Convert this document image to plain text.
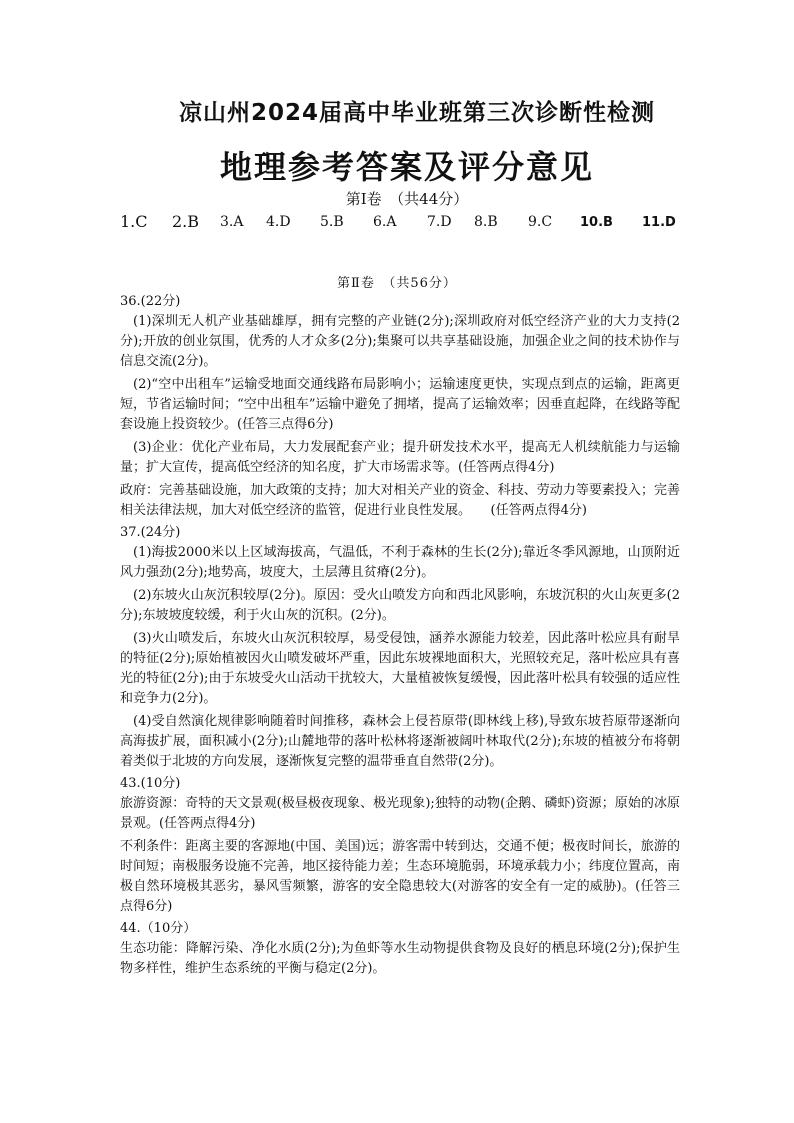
凉山州2024届高中毕业班第三次诊断性检测
地理参考答案及评分意见
第Ⅰ卷　（共44分）
1.C 2.B 3.A 4.D 5.B 6.A 7.D 8.B 9.C 10.B 11.D
第Ⅱ卷　（共56分）

36.(22分)

(1)深圳无人机产业基础雄厚，拥有完整的产业链(2分);深圳政府对低空经济产业的大力支持(2分);开放的创业氛围，优秀的人才众多(2分);集聚可以共享基础设施，加强企业之间的技术协作与信息交流(2分)。

(2)“空中出租车”运输受地面交通线路布局影响小；运输速度更快，实现点到点的运输，距离更短，节省运输时间；“空中出租车”运输中避免了拥堵，提高了运输效率；因垂直起降，在线路等配套设施上投资较少。(任答三点得6分)

(3)企业：优化产业布局，大力发展配套产业；提升研发技术水平，提高无人机续航能力与运输量；扩大宣传，提高低空经济的知名度，扩大市场需求等。(任答两点得4分)

政府：完善基础设施，加大政策的支持；加大对相关产业的资金、科技、劳动力等要素投入；完善相关法律法规，加大对低空经济的监管，促进行业良性发展。　　(任答两点得4分)

37.(24分)

(1)海拔2000米以上区域海拔高，气温低，不利于森林的生长(2分);靠近冬季风源地，山顶附近风力强劲(2分);地势高，坡度大，土层薄且贫瘠(2分)。

(2)东坡火山灰沉积较厚(2分)。原因：受火山喷发方向和西北风影响，东坡沉积的火山灰更多(2分);东坡坡度较缓，利于火山灰的沉积。(2分)。

(3)火山喷发后，东坡火山灰沉积较厚，易受侵蚀，涵养水源能力较差，因此落叶松应具有耐旱的特征(2分);原始植被因火山喷发破坏严重，因此东坡裸地面积大，光照较充足，落叶松应具有喜光的特征(2分);由于东坡受火山活动干扰较大，大量植被恢复缓慢，因此落叶松具有较强的适应性和竞争力(2分)。

(4)受自然演化规律影响随着时间推移，森林会上侵苔原带(即林线上移),导致东坡苔原带逐渐向高海拔扩展，面积减小(2分);山麓地带的落叶松林将逐渐被阔叶林取代(2分);东坡的植被分布将朝着类似于北坡的方向发展，逐渐恢复完整的温带垂直自然带(2分)。

43.(10分)

旅游资源：奇特的天文景观(极昼极夜现象、极光现象);独特的动物(企鹅、磷虾)资源；原始的冰原景观。(任答两点得4分)

不利条件：距离主要的客源地(中国、美国)远；游客需中转到达，交通不便；极夜时间长，旅游的时间短；南极服务设施不完善，地区接待能力差；生态环境脆弱，环境承载力小；纬度位置高，南极自然环境极其恶劣，暴风雪频繁，游客的安全隐患较大(对游客的安全有一定的威胁)。(任答三点得6分)

44.（10分）

生态功能：降解污染、净化水质(2分);为鱼虾等水生动物提供食物及良好的栖息环境(2分);保护生物多样性，维护生态系统的平衡与稳定(2分)。
